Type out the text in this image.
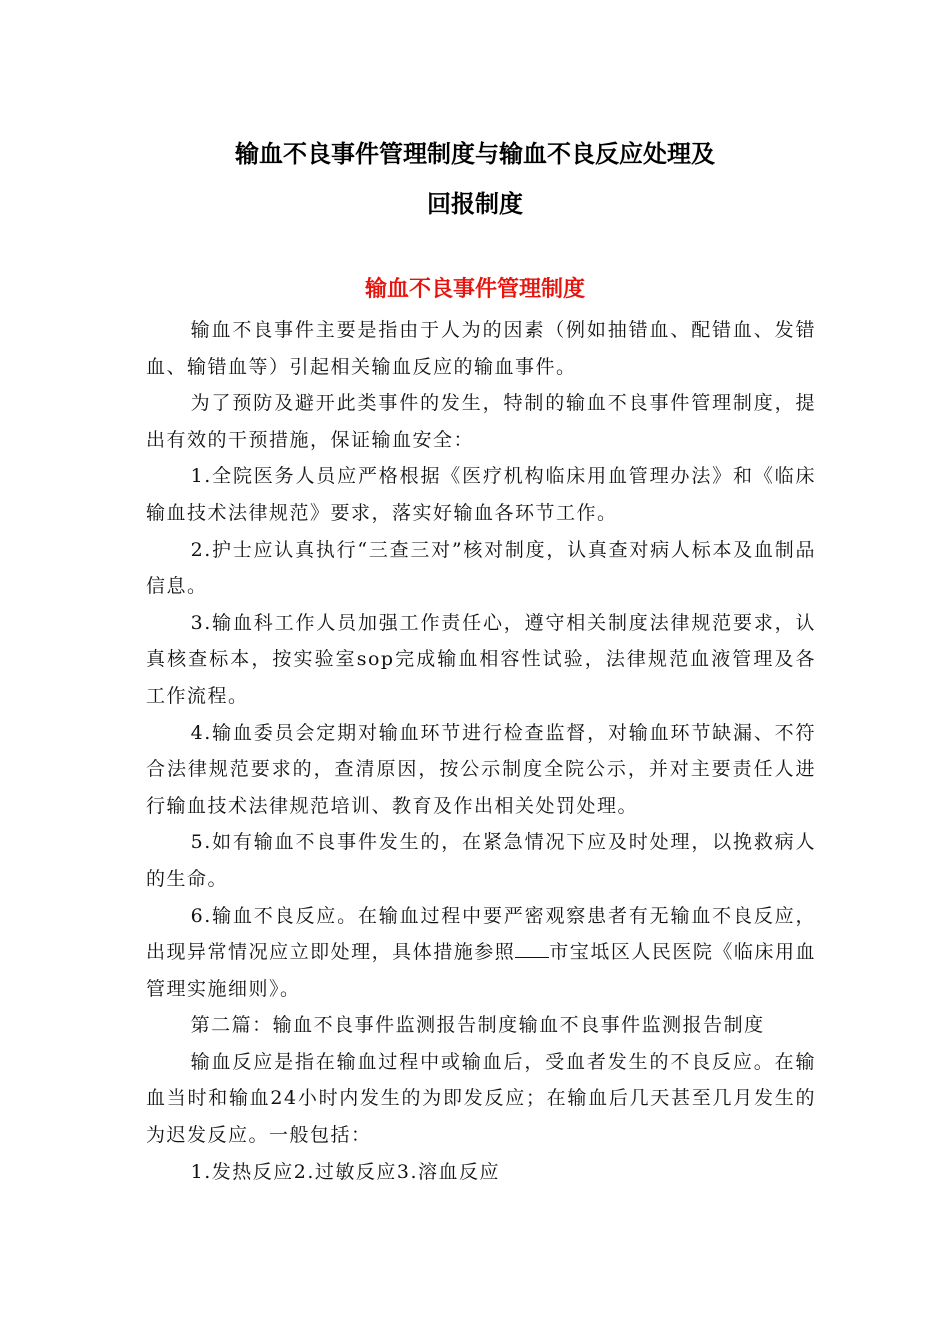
输血不良事件管理制度与输血不良反应处理及
回报制度
输血不良事件管理制度

输血不良事件主要是指由于人为的因素（例如抽错血、配错血、发错血、输错血等）引起相关输血反应的输血事件。

为了预防及避开此类事件的发生，特制的输血不良事件管理制度，提出有效的干预措施，保证输血安全：

1.全院医务人员应严格根据《医疗机构临床用血管理办法》和《临床输血技术法律规范》要求，落实好输血各环节工作。

2.护士应认真执行“三查三对”核对制度，认真查对病人标本及血制品信息。

3.输血科工作人员加强工作责任心，遵守相关制度法律规范要求，认真核查标本，按实验室sop完成输血相容性试验，法律规范血液管理及各工作流程。

4.输血委员会定期对输血环节进行检查监督，对输血环节缺漏、不符合法律规范要求的，查清原因，按公示制度全院公示，并对主要责任人进行输血技术法律规范培训、教育及作出相关处罚处理。

5.如有输血不良事件发生的，在紧急情况下应及时处理，以挽救病人的生命。

6.输血不良反应。在输血过程中要严密观察患者有无输血不良反应，出现异常情况应立即处理，具体措施参照 市宝坻区人民医院《临床用血管理实施细则》。

第二篇：输血不良事件监测报告制度输血不良事件监测报告制度

输血反应是指在输血过程中或输血后，受血者发生的不良反应。在输血当时和输血24小时内发生的为即发反应；在输血后几天甚至几月发生的为迟发反应。一般包括：

1.发热反应2.过敏反应3.溶血反应
